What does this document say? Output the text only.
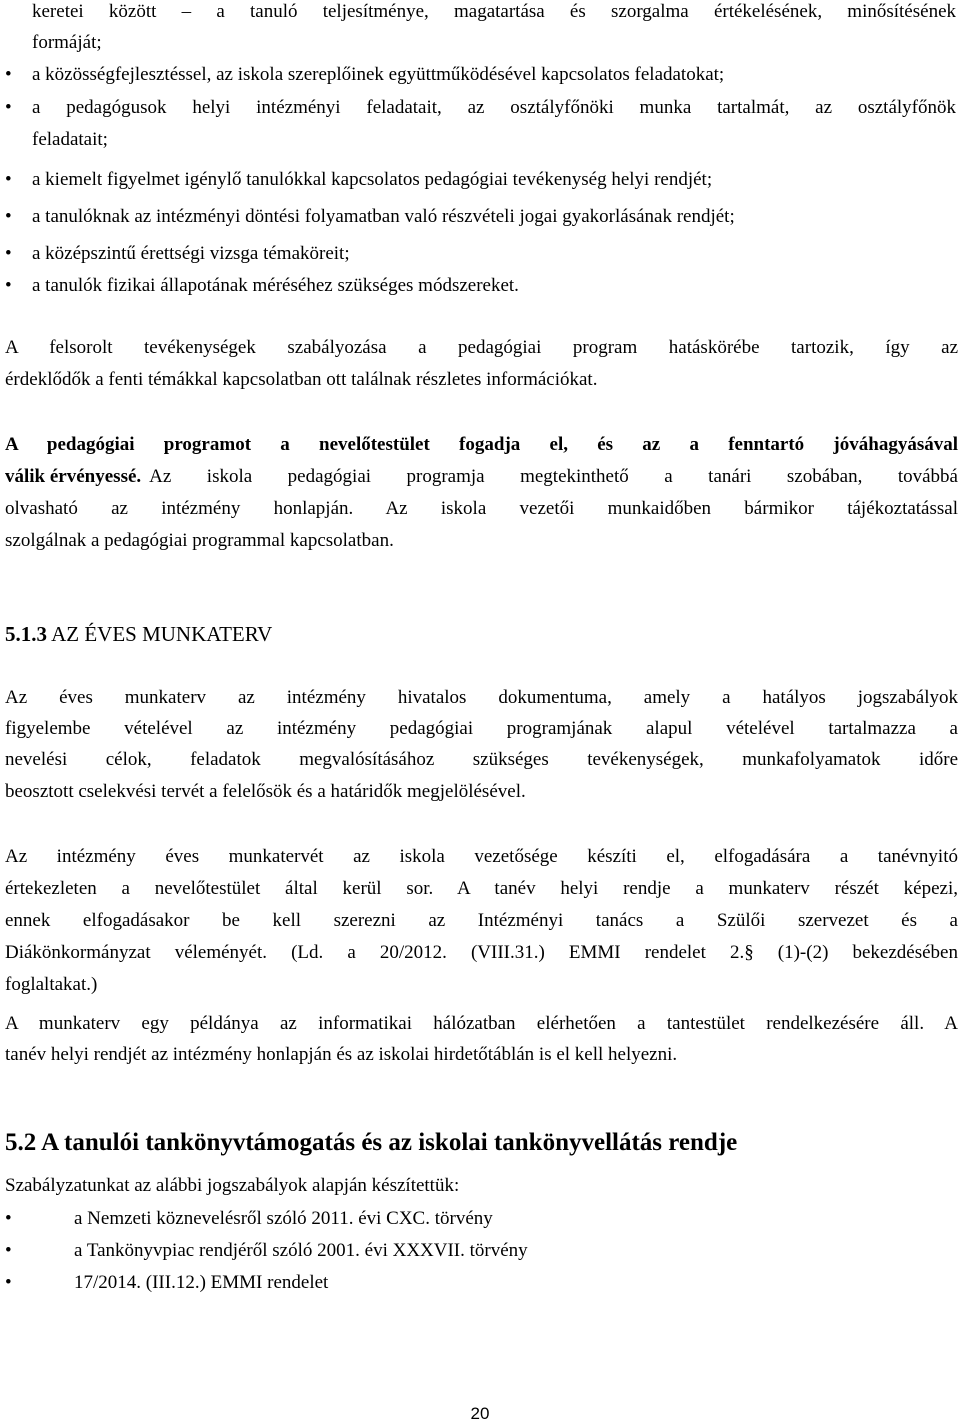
keretei között – a tanuló teljesítménye, magatartása és szorgalma értékelésének, minősítésének
formáját;
• a közösségfejlesztéssel, az iskola szereplőinek együttműködésével kapcsolatos feladatokat;
• a pedagógusok helyi intézményi feladatait, az osztályfőnöki munka tartalmát, az osztályfőnök
feladatait;
• a kiemelt figyelmet igénylő tanulókkal kapcsolatos pedagógiai tevékenység helyi rendjét;
• a tanulóknak az intézményi döntési folyamatban való részvételi jogai gyakorlásának rendjét;
• a középszintű érettségi vizsga témaköreit;
• a tanulók fizikai állapotának méréséhez szükséges módszereket.
A felsorolt tevékenységek szabályozása a pedagógiai program hatáskörébe tartozik, így az
érdeklődők a fenti témákkal kapcsolatban ott találnak részletes információkat.
A pedagógiai programot a nevelőtestület fogadja el, és az a fenntartó jóváhagyásával
válik érvényessé. Az iskola pedagógiai programja megtekinthető a tanári szobában, továbbá
olvasható az intézmény honlapján. Az iskola vezetői munkaidőben bármikor tájékoztatással
szolgálnak a pedagógiai programmal kapcsolatban.
5.1.3 AZ ÉVES MUNKATERV
Az éves munkaterv az intézmény hivatalos dokumentuma, amely a hatályos jogszabályok
figyelembe vételével az intézmény pedagógiai programjának alapul vételével tartalmazza a
nevelési célok, feladatok megvalósításához szükséges tevékenységek, munkafolyamatok időre
beosztott cselekvési tervét a felelősök és a határidők megjelölésével.
Az intézmény éves munkatervét az iskola vezetősége készíti el, elfogadására a tanévnyitó
értekezleten a nevelőtestület által kerül sor. A tanév helyi rendje a munkaterv részét képezi,
ennek elfogadásakor be kell szerezni az Intézményi tanács a Szülői szervezet és a
Diákönkormányzat véleményét. (Ld. a 20/2012. (VIII.31.) EMMI rendelet 2.§ (1)-(2) bekezdésében
foglaltakat.)
A munkaterv egy példánya az informatikai hálózatban elérhetően a tantestület rendelkezésére áll. A
tanév helyi rendjét az intézmény honlapján és az iskolai hirdetőtáblán is el kell helyezni.
5.2 A tanulói tankönyvtámogatás és az iskolai tankönyvellátás rendje
Szabályzatunkat az alábbi jogszabályok alapján készítettük:
•	a Nemzeti köznevelésről szóló 2011. évi CXC. törvény
•	a Tankönyvpiac rendjéről szóló 2001. évi XXXVII. törvény
•	17/2014. (III.12.) EMMI rendelet
20
